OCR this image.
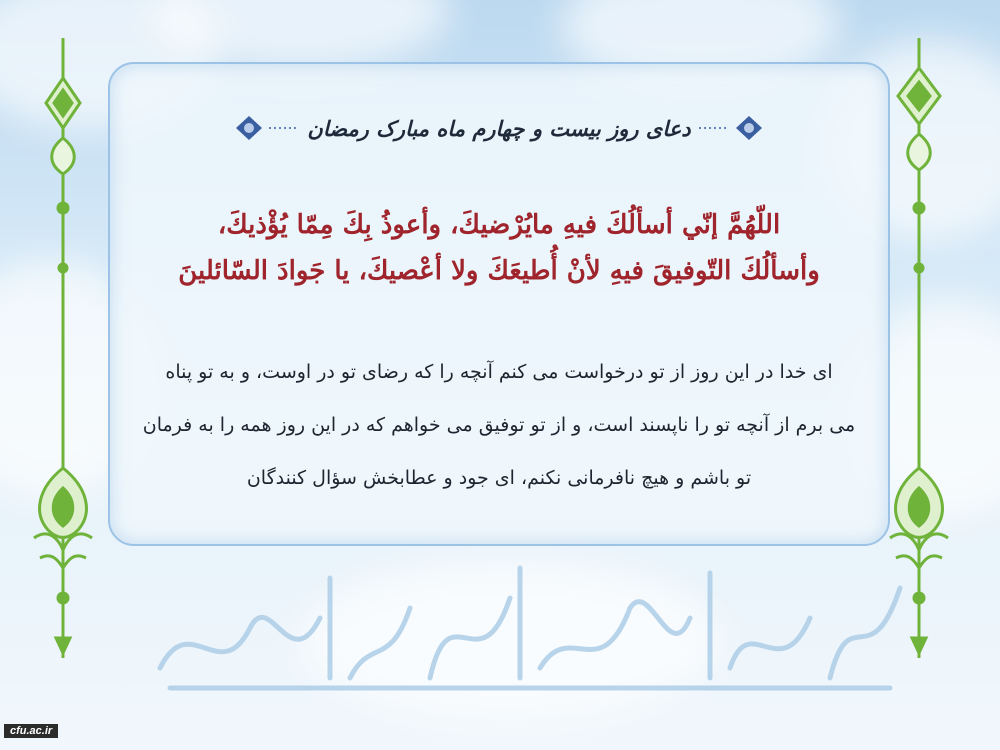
دعای روز بیست و چهارم ماه مبارک رمضان
اللّهُمَّ إنّي أسألُكَ فيهِ مايُرْضيكَ، وأعوذُ بِكَ مِمّا يُؤْذيكَ،
وأسألُكَ التّوفيقَ فيهِ لأنْ أُطيعَكَ ولا أعْصيكَ، يا جَوادَ السّائلينَ
ای خدا در این روز از تو درخواست می کنم آنچه را که رضای تو در اوست، و به تو پناه
می برم از آنچه تو را ناپسند است، و از تو توفیق می خواهم که در این روز همه را به فرمان
تو باشم و هیچ نافرمانی نکنم، ای جود و عطابخش سؤال کنندگان
cfu.ac.ir
